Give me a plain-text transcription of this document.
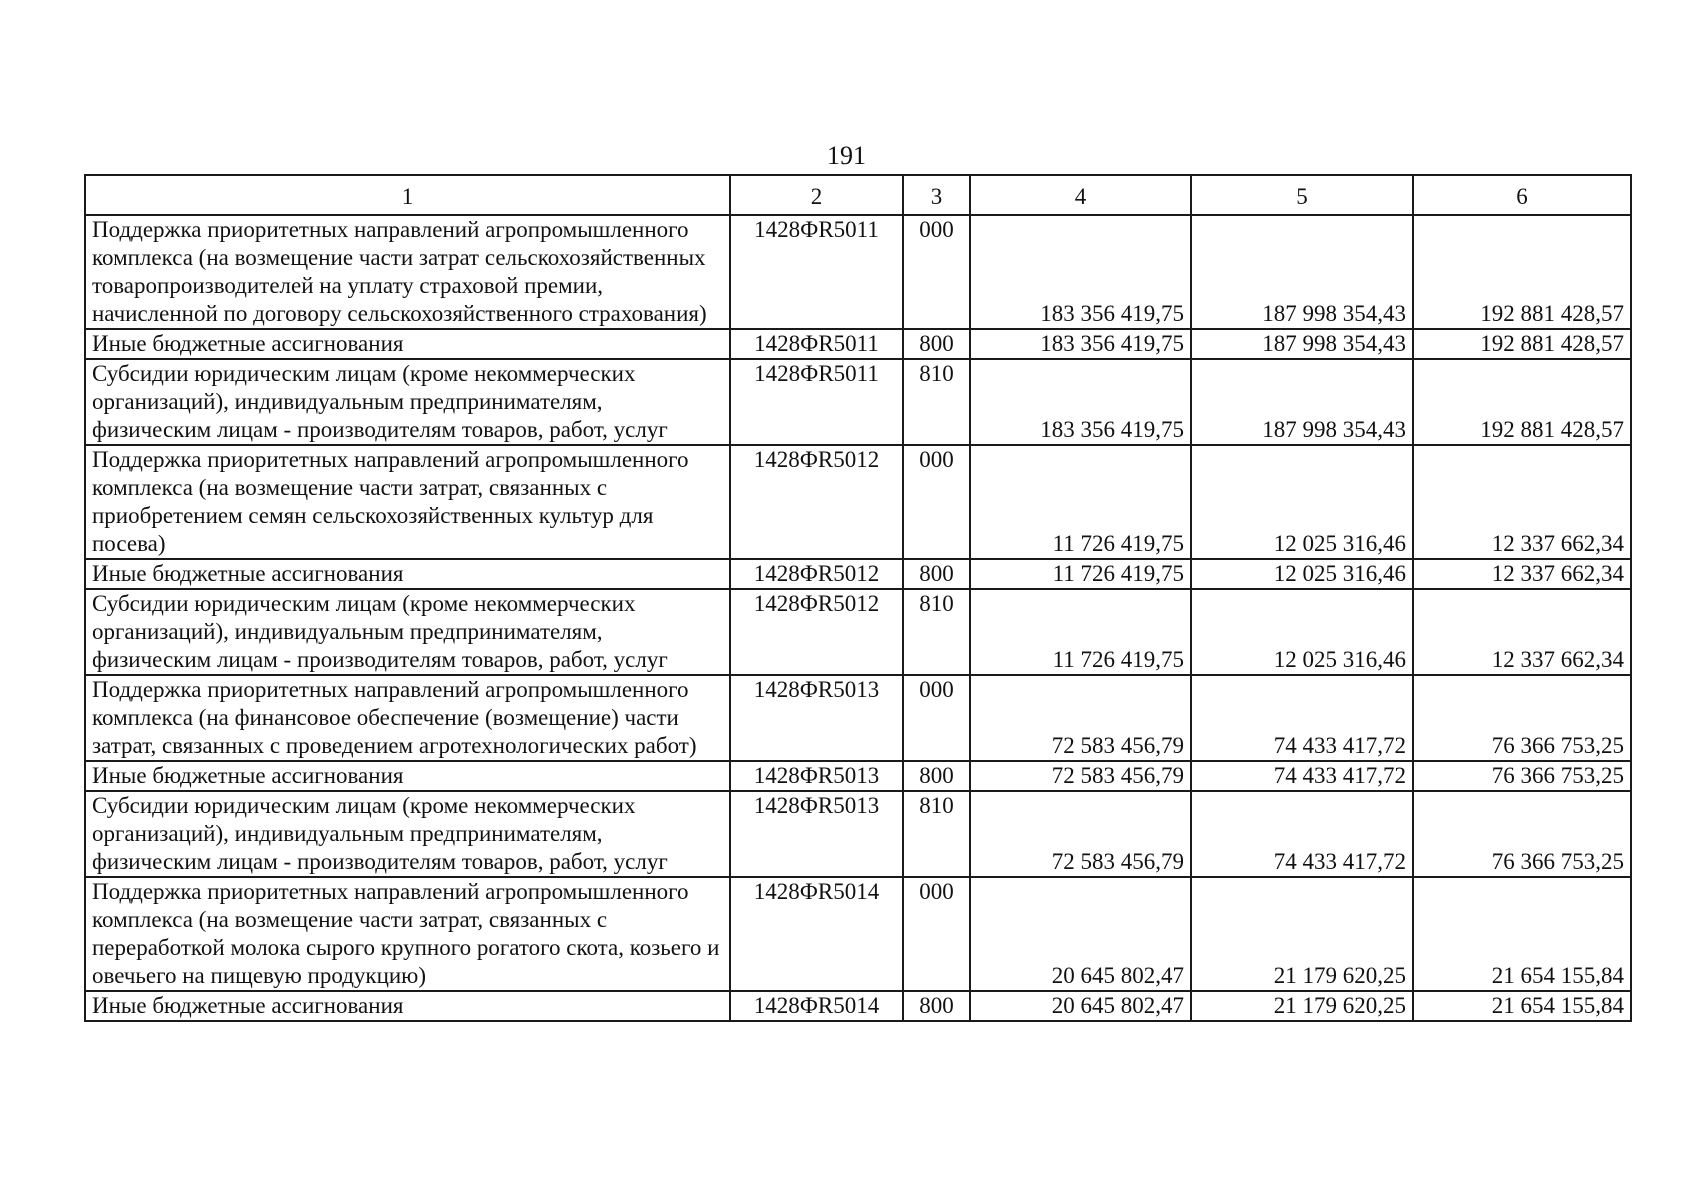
191
1	2	3	4	5	6
Поддержка приоритетных направлений агропромышленного комплекса (на возмещение части затрат сельскохозяйственных товаропроизводителей на уплату страховой премии, начисленной по договору сельскохозяйственного страхования)	1428ФR5011	000	183 356 419,75	187 998 354,43	192 881 428,57
Иные бюджетные ассигнования	1428ФR5011	800	183 356 419,75	187 998 354,43	192 881 428,57
Субсидии юридическим лицам (кроме некоммерческих организаций), индивидуальным предпринимателям, физическим лицам - производителям товаров, работ, услуг	1428ФR5011	810	183 356 419,75	187 998 354,43	192 881 428,57
Поддержка приоритетных направлений агропромышленного комплекса (на возмещение части затрат, связанных с приобретением семян сельскохозяйственных культур для посева)	1428ФR5012	000	11 726 419,75	12 025 316,46	12 337 662,34
Иные бюджетные ассигнования	1428ФR5012	800	11 726 419,75	12 025 316,46	12 337 662,34
Субсидии юридическим лицам (кроме некоммерческих организаций), индивидуальным предпринимателям, физическим лицам - производителям товаров, работ, услуг	1428ФR5012	810	11 726 419,75	12 025 316,46	12 337 662,34
Поддержка приоритетных направлений агропромышленного комплекса (на финансовое обеспечение (возмещение) части затрат, связанных с проведением агротехнологических работ)	1428ФR5013	000	72 583 456,79	74 433 417,72	76 366 753,25
Иные бюджетные ассигнования	1428ФR5013	800	72 583 456,79	74 433 417,72	76 366 753,25
Субсидии юридическим лицам (кроме некоммерческих организаций), индивидуальным предпринимателям, физическим лицам - производителям товаров, работ, услуг	1428ФR5013	810	72 583 456,79	74 433 417,72	76 366 753,25
Поддержка приоритетных направлений агропромышленного комплекса (на возмещение части затрат, связанных с переработкой молока сырого крупного рогатого скота, козьего и овечьего на пищевую продукцию)	1428ФR5014	000	20 645 802,47	21 179 620,25	21 654 155,84
Иные бюджетные ассигнования	1428ФR5014	800	20 645 802,47	21 179 620,25	21 654 155,84
